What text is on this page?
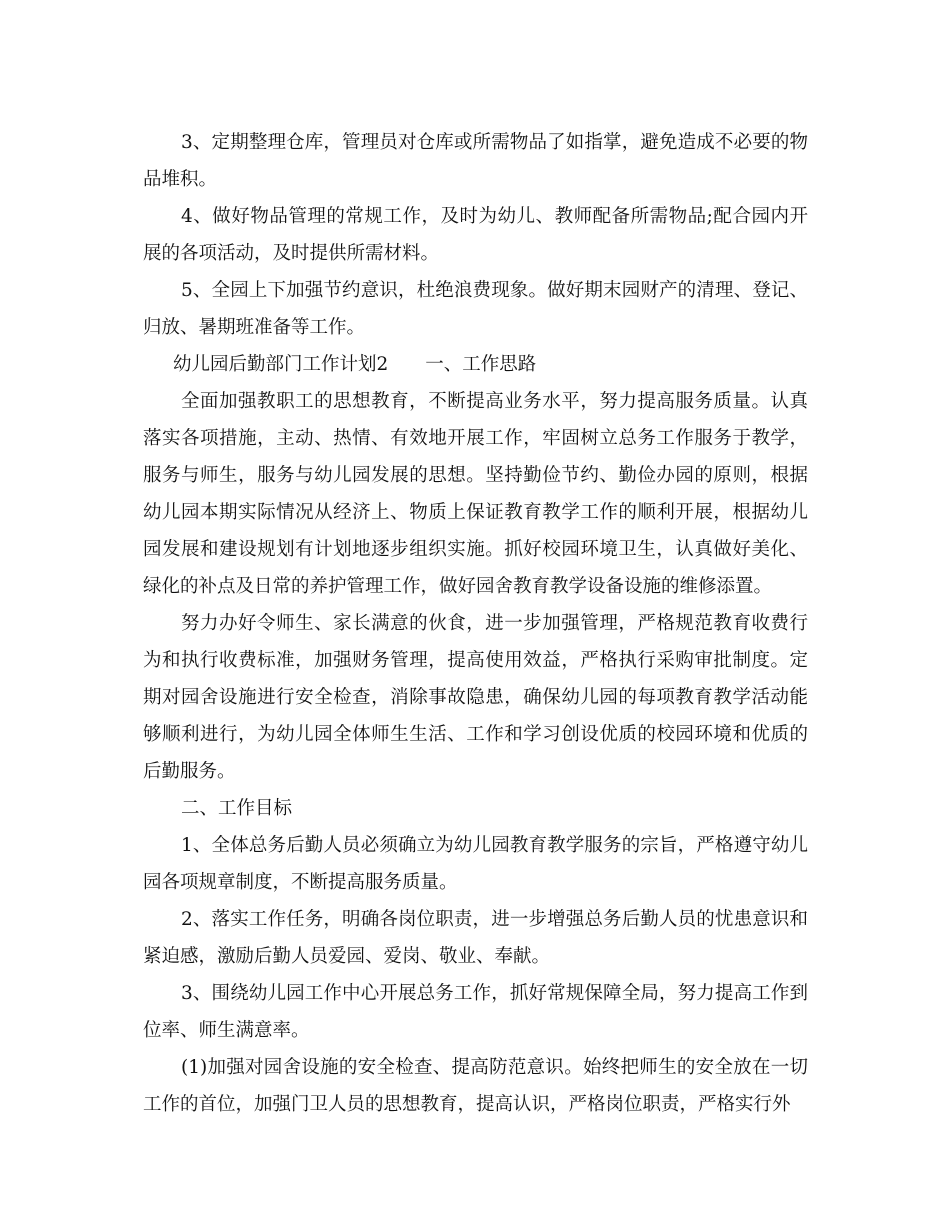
3、定期整理仓库，管理员对仓库或所需物品了如指掌，避免造成不必要的物品堆积。

4、做好物品管理的常规工作，及时为幼儿、教师配备所需物品;配合园内开展的各项活动，及时提供所需材料。

5、全园上下加强节约意识，杜绝浪费现象。做好期末园财产的清理、登记、归放、暑期班准备等工作。

幼儿园后勤部门工作计划2　　一、工作思路

全面加强教职工的思想教育，不断提高业务水平，努力提高服务质量。认真落实各项措施，主动、热情、有效地开展工作，牢固树立总务工作服务于教学，服务与师生，服务与幼儿园发展的思想。坚持勤俭节约、勤俭办园的原则，根据幼儿园本期实际情况从经济上、物质上保证教育教学工作的顺利开展，根据幼儿园发展和建设规划有计划地逐步组织实施。抓好校园环境卫生，认真做好美化、绿化的补点及日常的养护管理工作，做好园舍教育教学设备设施的维修添置。

努力办好令师生、家长满意的伙食，进一步加强管理，严格规范教育收费行为和执行收费标准，加强财务管理，提高使用效益，严格执行采购审批制度。定期对园舍设施进行安全检查，消除事故隐患，确保幼儿园的每项教育教学活动能够顺利进行，为幼儿园全体师生生活、工作和学习创设优质的校园环境和优质的后勤服务。

二、工作目标

1、全体总务后勤人员必须确立为幼儿园教育教学服务的宗旨，严格遵守幼儿园各项规章制度，不断提高服务质量。

2、落实工作任务，明确各岗位职责，进一步增强总务后勤人员的忧患意识和紧迫感，激励后勤人员爱园、爱岗、敬业、奉献。

3、围绕幼儿园工作中心开展总务工作，抓好常规保障全局，努力提高工作到位率、师生满意率。

(1)加强对园舍设施的安全检查、提高防范意识。始终把师生的安全放在一切工作的首位，加强门卫人员的思想教育，提高认识，严格岗位职责，严格实行外
